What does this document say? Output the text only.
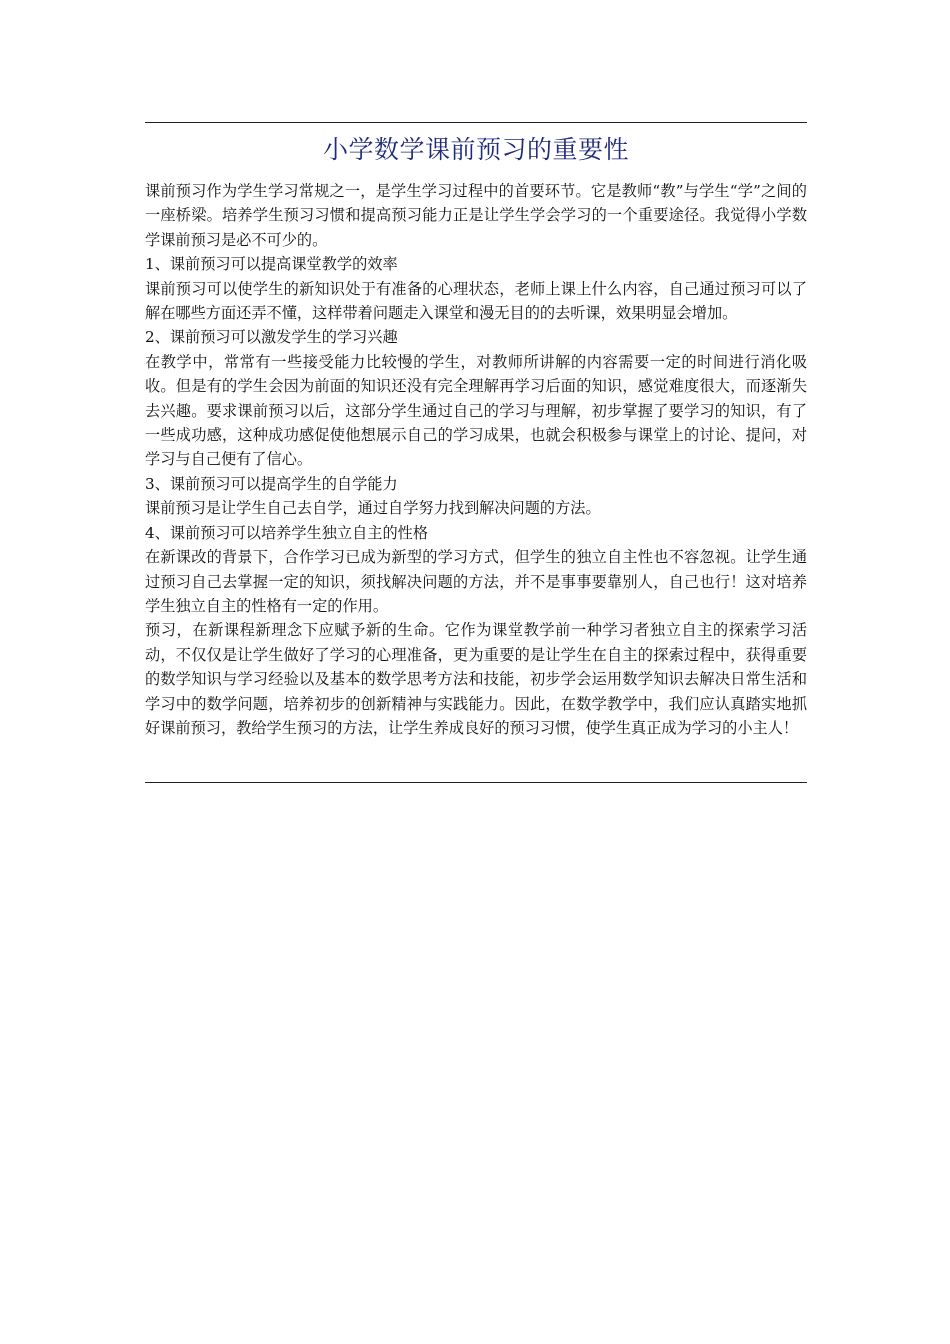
小学数学课前预习的重要性

课前预习作为学生学习常规之一，是学生学习过程中的首要环节。它是教师“教”与学生“学”之间的一座桥梁。培养学生预习习惯和提高预习能力正是让学生学会学习的一个重要途径。我觉得小学数学课前预习是必不可少的。

1、课前预习可以提高课堂教学的效率

课前预习可以使学生的新知识处于有准备的心理状态，老师上课上什么内容，自己通过预习可以了解在哪些方面还弄不懂，这样带着问题走入课堂和漫无目的的去听课，效果明显会增加。

2、课前预习可以激发学生的学习兴趣

在教学中，常常有一些接受能力比较慢的学生，对教师所讲解的内容需要一定的时间进行消化吸收。但是有的学生会因为前面的知识还没有完全理解再学习后面的知识，感觉难度很大，而逐渐失去兴趣。要求课前预习以后，这部分学生通过自己的学习与理解，初步掌握了要学习的知识，有了一些成功感，这种成功感促使他想展示自己的学习成果，也就会积极参与课堂上的讨论、提问，对学习与自己便有了信心。

3、课前预习可以提高学生的自学能力

课前预习是让学生自己去自学，通过自学努力找到解决问题的方法。

4、课前预习可以培养学生独立自主的性格

在新课改的背景下，合作学习已成为新型的学习方式，但学生的独立自主性也不容忽视。让学生通过预习自己去掌握一定的知识，须找解决问题的方法，并不是事事要靠别人，自己也行！这对培养学生独立自主的性格有一定的作用。

预习，在新课程新理念下应赋予新的生命。它作为课堂教学前一种学习者独立自主的探索学习活动，不仅仅是让学生做好了学习的心理准备，更为重要的是让学生在自主的探索过程中，获得重要的数学知识与学习经验以及基本的数学思考方法和技能，初步学会运用数学知识去解决日常生活和学习中的数学问题，培养初步的创新精神与实践能力。因此，在数学教学中，我们应认真踏实地抓好课前预习，教给学生预习的方法，让学生养成良好的预习习惯，使学生真正成为学习的小主人！
